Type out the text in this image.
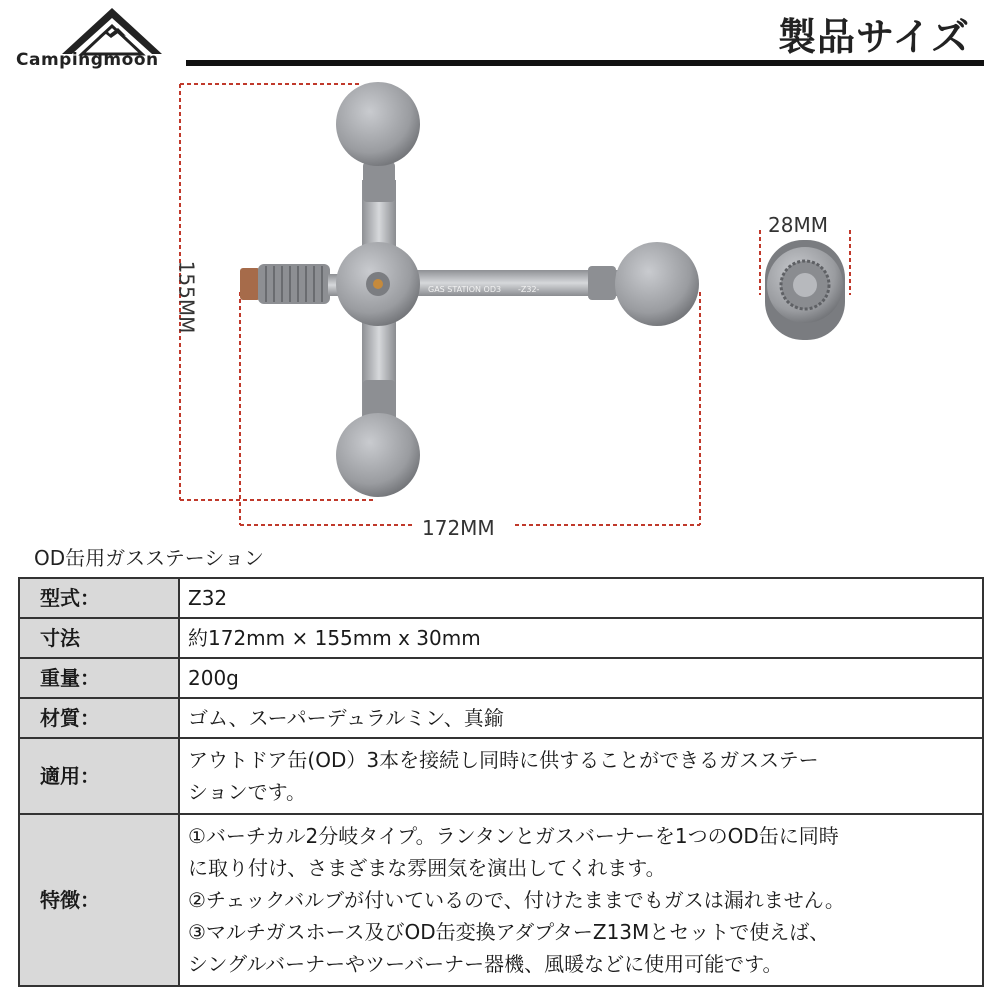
Campingmoon
製品サイズ
GAS STATION OD3 -Z32-
155MM
172MM
28MM
OD缶用ガスステーション
型式：	Z32
寸法	約172mm × 155mm x 30mm
重量：	200g
材質：	ゴム、スーパーデュラルミン、真鍮
適用：	アウトドア缶(OD）3本を接続し同時に供することができるガスステー
ションです。
特徴：	①バーチカル2分岐タイプ。ランタンとガスバーナーを1つのOD缶に同時
に取り付け、さまざまな雰囲気を演出してくれます。
②チェックバルブが付いているので、付けたままでもガスは漏れません。
③マルチガスホース及びOD缶変換アダプターZ13Mとセットで使えば、
シングルバーナーやツーバーナー器機、風暖などに使用可能です。
